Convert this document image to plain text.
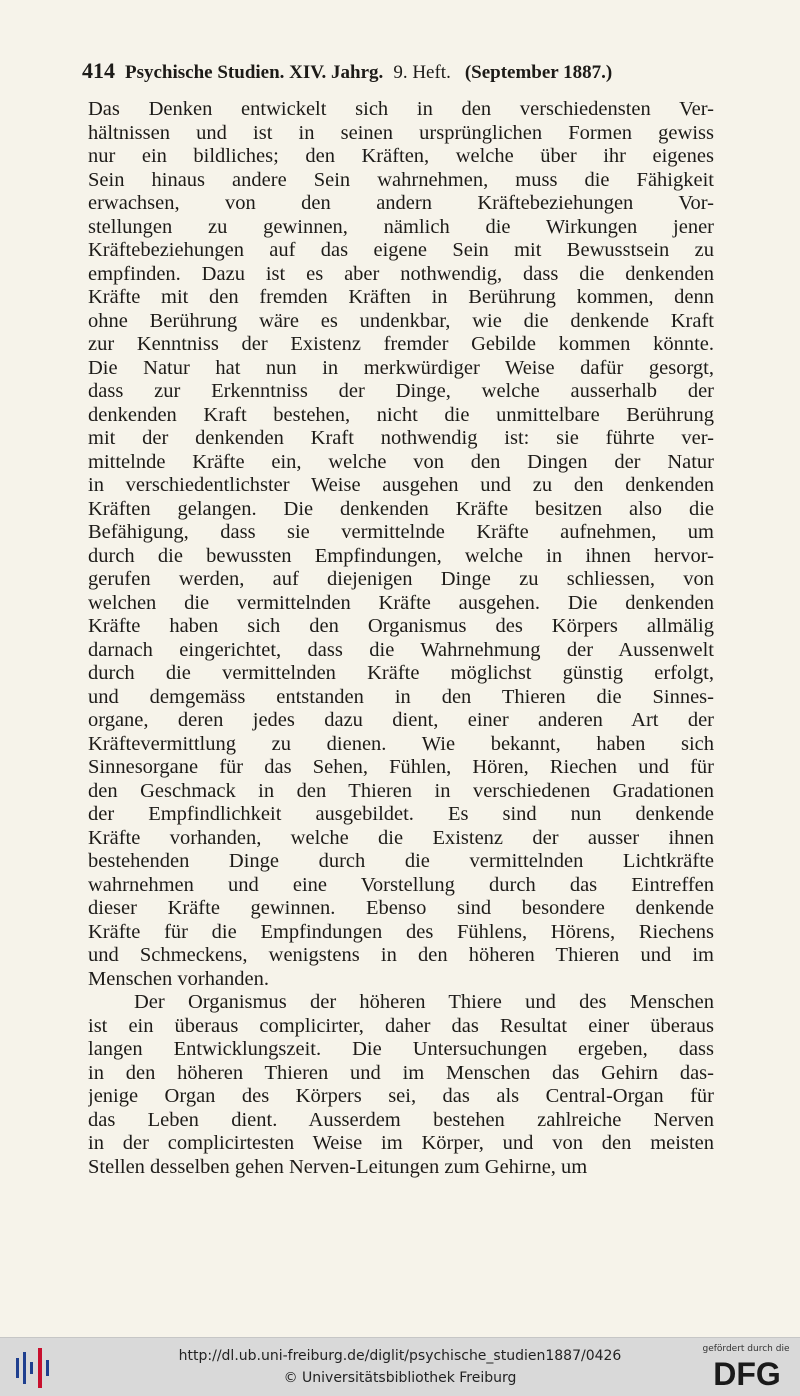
414 Psychische Studien. XIV. Jahrg. 9. Heft. (September 1887.)
Das Denken entwickelt sich in den verschiedensten Ver-
hältnissen und ist in seinen ursprünglichen Formen gewiss
nur ein bildliches; den Kräften, welche über ihr eigenes
Sein hinaus andere Sein wahrnehmen, muss die Fähigkeit
erwachsen, von den andern Kräftebeziehungen Vor-
stellungen zu gewinnen, nämlich die Wirkungen jener
Kräftebeziehungen auf das eigene Sein mit Bewusstsein zu
empfinden. Dazu ist es aber nothwendig, dass die denkenden
Kräfte mit den fremden Kräften in Berührung kommen, denn
ohne Berührung wäre es undenkbar, wie die denkende Kraft
zur Kenntniss der Existenz fremder Gebilde kommen könnte.
Die Natur hat nun in merkwürdiger Weise dafür gesorgt,
dass zur Erkenntniss der Dinge, welche ausserhalb der
denkenden Kraft bestehen, nicht die unmittelbare Berührung
mit der denkenden Kraft nothwendig ist: sie führte ver-
mittelnde Kräfte ein, welche von den Dingen der Natur
in verschiedentlichster Weise ausgehen und zu den denkenden
Kräften gelangen. Die denkenden Kräfte besitzen also die
Befähigung, dass sie vermittelnde Kräfte aufnehmen, um
durch die bewussten Empfindungen, welche in ihnen hervor-
gerufen werden, auf diejenigen Dinge zu schliessen, von
welchen die vermittelnden Kräfte ausgehen. Die denkenden
Kräfte haben sich den Organismus des Körpers allmälig
darnach eingerichtet, dass die Wahrnehmung der Aussenwelt
durch die vermittelnden Kräfte möglichst günstig erfolgt,
und demgemäss entstanden in den Thieren die Sinnes-
organe, deren jedes dazu dient, einer anderen Art der
Kräftevermittlung zu dienen. Wie bekannt, haben sich
Sinnesorgane für das Sehen, Fühlen, Hören, Riechen und für
den Geschmack in den Thieren in verschiedenen Gradationen
der Empfindlichkeit ausgebildet. Es sind nun denkende
Kräfte vorhanden, welche die Existenz der ausser ihnen
bestehenden Dinge durch die vermittelnden Lichtkräfte
wahrnehmen und eine Vorstellung durch das Eintreffen
dieser Kräfte gewinnen. Ebenso sind besondere denkende
Kräfte für die Empfindungen des Fühlens, Hörens, Riechens
und Schmeckens, wenigstens in den höheren Thieren und im
Menschen vorhanden.
Der Organismus der höheren Thiere und des Menschen
ist ein überaus complicirter, daher das Resultat einer überaus
langen Entwicklungszeit. Die Untersuchungen ergeben, dass
in den höheren Thieren und im Menschen das Gehirn das-
jenige Organ des Körpers sei, das als Central-Organ für
das Leben dient. Ausserdem bestehen zahlreiche Nerven
in der complicirtesten Weise im Körper, und von den meisten
Stellen desselben gehen Nerven-Leitungen zum Gehirne, um
http://dl.ub.uni-freiburg.de/diglit/psychische_studien1887/0426
© Universitätsbibliothek Freiburg
gefördert durch die
DFG
